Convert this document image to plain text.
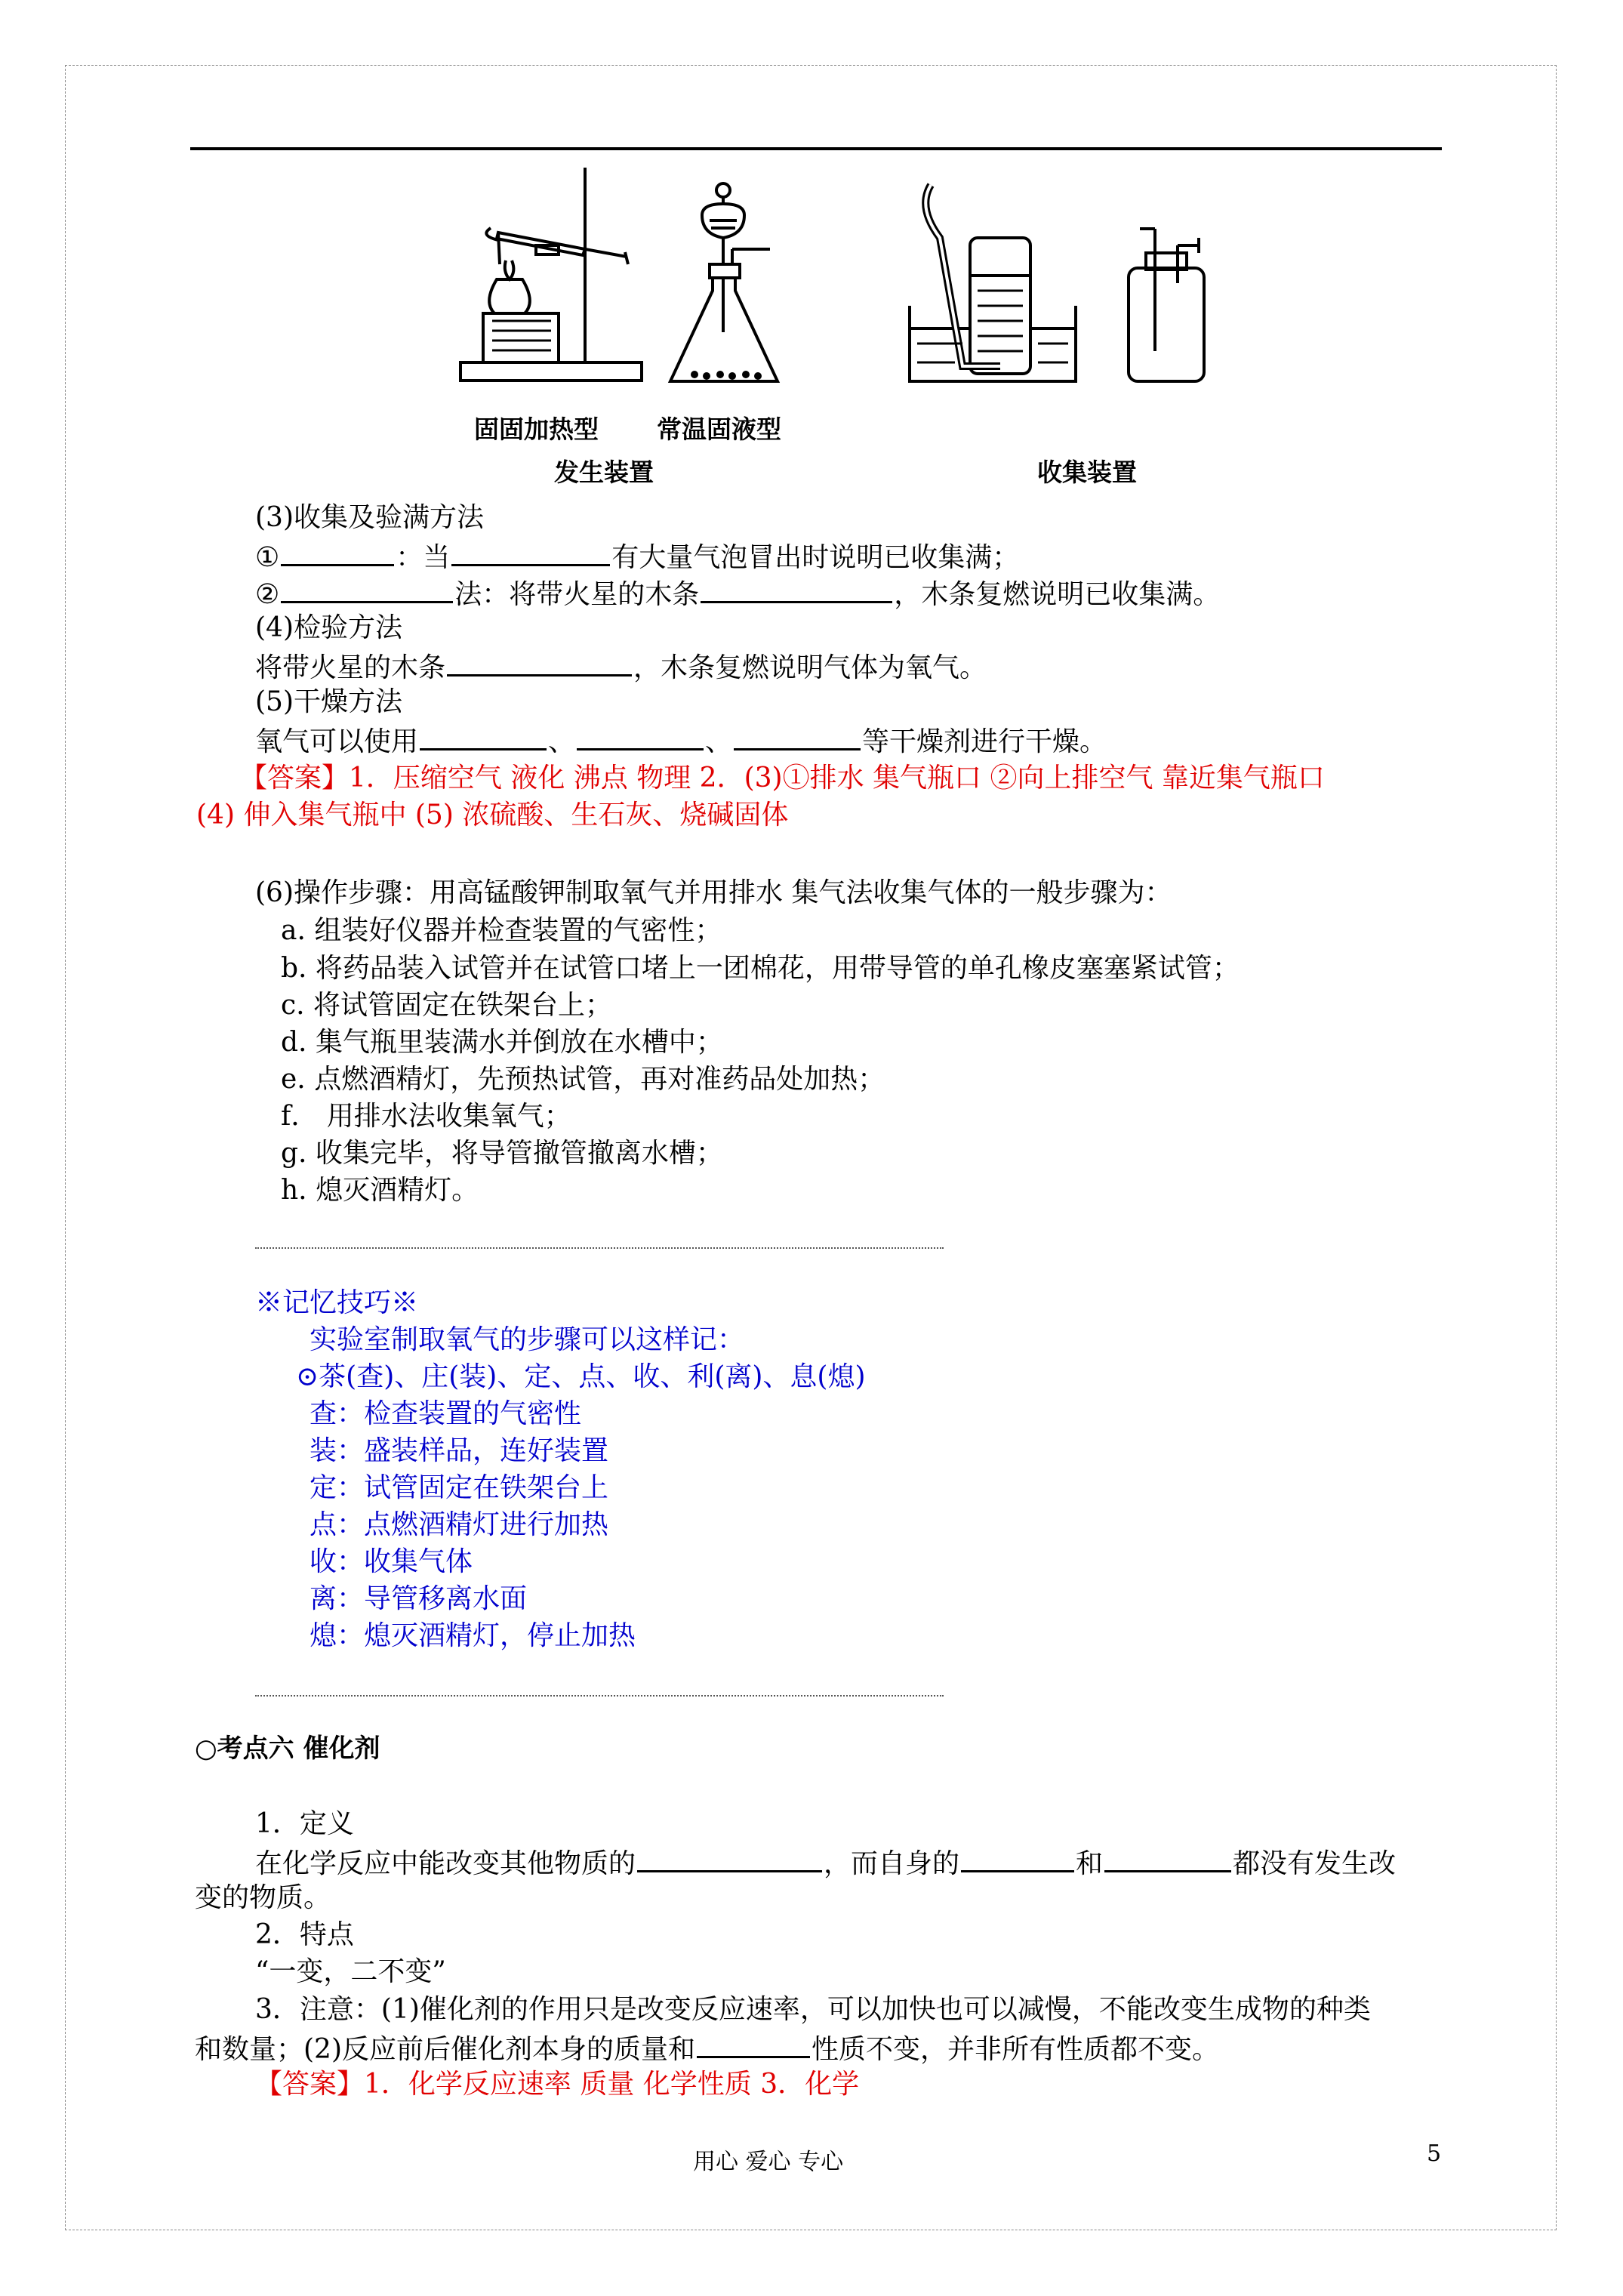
固固加热型 常温固液型
发生装置	收集装置
(3)收集及验满方法
①	：当	有大量气泡冒出时说明已收集满；
②	法：将带火星的木条	，木条复燃说明已收集满。
(4)检验方法
将带火星的木条	，木条复燃说明气体为氧气。
(5)干燥方法
氧气可以使用	、	、	等干燥剂进行干燥。
【答案】1．压缩空气 液化 沸点 物理 2．(3)①排水 集气瓶口 ②向上排空气 靠近集气瓶口
(4) 伸入集气瓶中 (5) 浓硫酸、生石灰、烧碱固体
(6)操作步骤：用高锰酸钾制取氧气并用排水 集气法收集气体的一般步骤为：
a. 组装好仪器并检查装置的气密性；
b. 将药品装入试管并在试管口堵上一团棉花，用带导管的单孔橡皮塞塞紧试管；
c. 将试管固定在铁架台上；
d. 集气瓶里装满水并倒放在水槽中；
e. 点燃酒精灯，先预热试管，再对准药品处加热；
f． 用排水法收集氧气；
g. 收集完毕，将导管撤管撤离水槽；
h. 熄灭酒精灯。
※记忆技巧※
实验室制取氧气的步骤可以这样记：
⊙茶(查)、庄(装)、定、点、收、利(离)、息(熄)
查：检查装置的气密性
装：盛装样品，连好装置
定：试管固定在铁架台上
点：点燃酒精灯进行加热
收：收集气体
离：导管移离水面
熄：熄灭酒精灯，停止加热
○考点六 催化剂
1．定义
在化学反应中能改变其他物质的	，而自身的	和	都没有发生改
变的物质。
2．特点
“一变，二不变”
3．注意：(1)催化剂的作用只是改变反应速率，可以加快也可以减慢，不能改变生成物的种类
和数量；(2)反应前后催化剂本身的质量和	性质不变，并非所有性质都不变。
【答案】1．化学反应速率 质量 化学性质 3．化学
用心 爱心 专心	5
